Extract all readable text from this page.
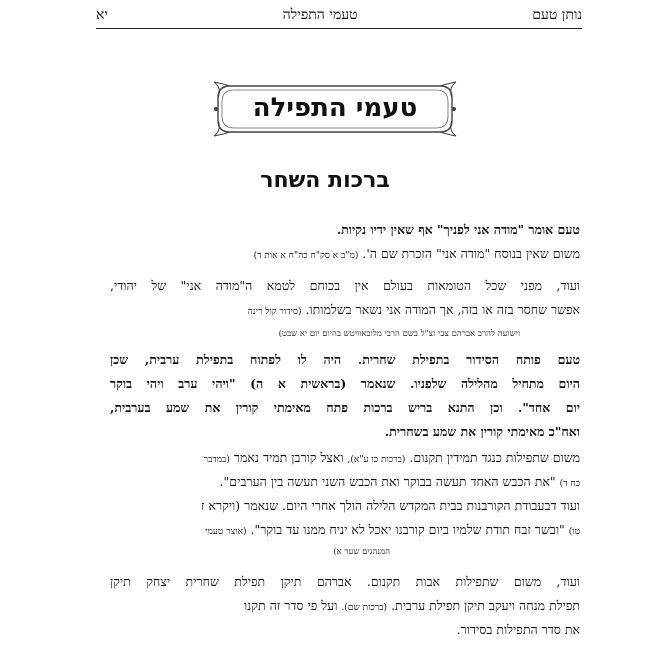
נותן טעם
טעמי התפילה
יא
טעמי התפילה
ברכות השחר
טעם אומר "מודה אני לפניך" אף שאין ידיו נקיות.
משום שאין בנוסח "מודה אני" הזכרת שם ה'. (מ"ב א סק"ח כה"ח א אות ד)
ועוד, מפני שכל הטומאות בעולם אין בכוחם לטמא ה"מודה אני" של יהודי,
אפשר שחסר בזה או בזה, אך המודה אני נשאר בשלמותו. (סידור קול רינה
וישועה להרב אברהם צבי זצ"ל בשם הרבי מלובאוויטש בהיום יום יא שבט)
טעם פותח הסידור בתפילת שחרית. היה לו לפתוח בתפילת ערבית, שכן
היום מתחיל מהלילה שלפניו. שנאמר (בראשית א ה) "ויהי ערב ויהי בוקר
יום אחד". וכן התנא בריש ברכות פתח מאימתי קורין את שמע בערבית,
ואח"כ מאימתי קורין את שמע בשחרית.
משום שתפילות כנגד תמידין תקנום. (ברכות כו ע"א), ואצל קורבן תמיד נאמר (במדבר
כח ד) "את הכבש האחד תעשה בבוקר ואת הכבש השני תעשה בין הערבים".
ועוד דבעבודת הקורבנות בבית המקדש הלילה הולך אחרי היום. שנאמר (ויקרא ז
טו) "ובשר זבח תודת שלמיו ביום קורבנו יאכל לא יניח ממנו עד בוקר". (אוצר טעמי
המנהגים שער א)
ועוד, משום שתפילות אבות תקנום. אברהם תיקן תפילת שחרית יצחק תיקן
תפילת מנחה ויעקב תיקן תפילת ערבית. (ברכות שם). ועל פי סדר זה תקנו
את סדר התפילות בסידור.
